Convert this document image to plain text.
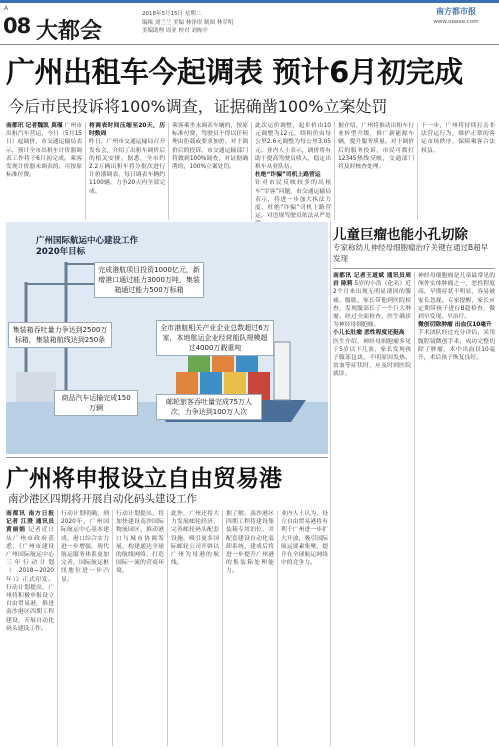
A
08 大都会
2018年5月15日 星期二
编辑 刘兰兰 美编 林泽煜 制图 林军明
美编助理 周亚 校对 刘栋中
南方都市报
www.oeeee.com
广州出租车今起调表 预计6月初完成
今后市民投诉将100%调查，证据确凿100%立案处罚
南都讯 记者魏凯 莫瑾 广州市出租汽车营运，今日（5月15日）起调价，市交通运输局表示，预计全市出租车计价器调表工作将于6月初完成。乘客发现计价器未调表的，可按原标准付费。
将调表时间压缩至20天，历时数周
昨日，广州市交通运输局召开发布会，介绍了出租车调价后的相关安排。据悉，全市约2.2万辆出租车将分批次进行计价器调表，每日调表车辆约1100辆，力争20天内全部完成。
乘客乘坐未调表车辆的，按原标准付费，驾驶员不得以任何理由拒载或要求加价。对于调价后的投诉，市交通运输部门将做到100%调查，对证据确凿的，100%立案处罚。
此次运价调整，起步价由10元调整为12元，续租价由每公里2.6元调整为每公里3.05元。业内人士表示，调价将有助于提高驾驶员收入，稳定出租车从业队伍。
杜绝“诈骗”司机上路营运
针对市民反映较多的出租车“宰客”问题，市交通运输局表示，将进一步加大执法力度，杜绝“诈骗”司机上路营运，对违规驾驶员依法从严处
据介绍，广州将推动出租车行业转型升级，推广新能源车辆，提升服务质量。对于调价后的服务投诉，市民可拨打12345热线反映，交通部门将及时核查处理。
下一步，广州将持续打击非法营运行为，维护正常的客运市场秩序，保障乘客合法权益。
广州国际航运中心建设工作2020年目标
完成港航项目投资1000亿元，新增港口通过能力3000万吨，集装箱通过能力500万标箱
集装箱吞吐量力争达到2500万标箱，集装箱航线达到250条
全市港航相关产业企业总数超过6万家，本地航运企业经营船队规模超过4000万载重吨
商品汽车运输完成150万辆
邮轮旅客吞吐量完成75万人次，力争达到100万人次
儿童巨瘤也能小孔切除
专家称幼儿神经母细胞瘤治疗关键在通过B超早发现
南都讯 记者王道斌 通讯员周岩 陈莉 5岁的小浩（化名）近2个月来出现无明显诱因的腹痛、腹胀，家长带他到医院检查，发现腹部长了一个巨大肿瘤。经过全面检查，医生确诊为神经母细胞瘤。
小儿长肚瘤 恶性程度还挺高
医生介绍，神经母细胞瘤多见于5岁以下儿童，家长发现孩子腹部包块、不明原因发热、贫血等症状时，应及时到医院就诊。
神经母细胞瘤是儿童最常见的颅外实体肿瘤之一，恶性程度高，早期症状不明显，容易被家长忽视。专家提醒，家长应定期带孩子进行B超检查，做到早发现、早治疗。
微创切除肿瘤 出血仅10毫升
手术团队经过充分评估，采用腹腔镜微创手术，成功完整切除了肿瘤，术中出血仅10毫升，术后孩子恢复良好。
广州将申报设立自由贸易港
南沙港区四期将开展自动化码头建设工作
南都讯 南方日报记者 江澄 通讯员黄丽娟 记者近日从广州市政府获悉，《广州市建设广州国际航运中心三年行动计划（2018—2020年）》正式印发。行动计划提出，广州将积极申报设立自由贸易港，推进南沙港区四期工程建设，开展自动化码头建设工作。
行动计划明确，到2020年，广州国际航运中心基本建成，港口综合实力进一步增强，现代航运服务体系更加完善，国际航运枢纽地位进一步凸显。
行动计划提出，将加快建设南沙国际物流园区，推动港口与城市协调发展，构建通达全球的航线网络，打造国际一流的营商环境。
此外，广州还将大力发展邮轮经济，完善邮轮码头配套设施，吸引更多国际邮轮公司开辟以广州为母港的航线。
据了解，南沙港区四期工程将建设集装箱专用泊位，并配套建设自动化装卸系统，建成后将进一步提升广州港的集装箱处理能力。
业内人士认为，设立自由贸易港将有利于广州进一步扩大开放，吸引国际航运要素集聚，提升在全球航运网络中的竞争力。
